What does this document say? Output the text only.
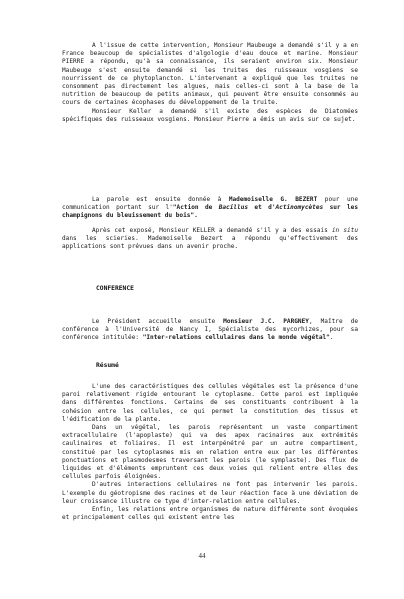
A l'issue de cette intervention, Monsieur Maubeuge a demandé s'il y a en France beaucoup de spécialistes d'algologie d'eau douce et marine. Monsieur PIERRE a répondu, qu'à sa connaissance, ils seraient environ six. Monsieur Maubeuge s'est ensuite demandé si les truites des ruisseaux vosgiens se nourrissent de ce phytoplancton. L'intervenant a expliqué que les truites ne consomment pas directement les algues, mais celles-ci sont à la base de la nutrition de beaucoup de petits animaux, qui peuvent être ensuite consommés au cours de certaines écophases du développement de la truite.

Monsieur Keller a demandé s'il existe des espèces de Diatomées spécifiques des ruisseaux vosgiens. Monsieur Pierre a émis un avis sur ce sujet.

La parole est ensuite donnée à Mademoiselle G. BEZERT pour une communication portant sur l'"Action de Bacillus et d'Actinomycètes sur les champignons du bleuissement du bois".

Après cet exposé, Monsieur KELLER a demandé s'il y a des essais in situ dans les scieries. Mademoiselle Bezert a répondu qu'effectivement des applications sont prévues dans un avenir proche.

CONFERENCE

Le Président accueille ensuite Monsieur J.C. PARGNEY, Maître de conférence à l'Université de Nancy I, Spécialiste des mycorhizes, pour sa conférence intitulée: "Inter-relations cellulaires dans le monde végétal".

Résumé

L'une des caractéristiques des cellules végétales est la présence d'une paroi relativement rigide entourant le cytoplasme. Cette paroi est impliquée dans différentes fonctions. Certains de ses constituants contribuent à la cohésion entre les cellules, ce qui permet la constitution des tissus et l'édification de la plante.

Dans un végétal, les parois représentent un vaste compartiment extracellulaire (l'apoplaste) qui va des apex racinaires aux extrémités caulinaires et foliaires. Il est interpénétré par un autre compartiment, constitué par les cytoplasmes mis en relation entre eux par les différentes ponctuations et plasmodesmes traversant les parois (le symplaste). Des flux de liquides et d'éléments empruntent ces deux voies qui relient entre elles des cellules parfois éloignées.

D'autres interactions cellulaires ne font pas intervenir les parois. L'exemple du géotropisme des racines et de leur réaction face à une déviation de leur croissance illustre ce type d'inter-relation entre cellules.

Enfin, les relations entre organismes de nature différente sont évoquées et principalement celles qui existent entre les

44
